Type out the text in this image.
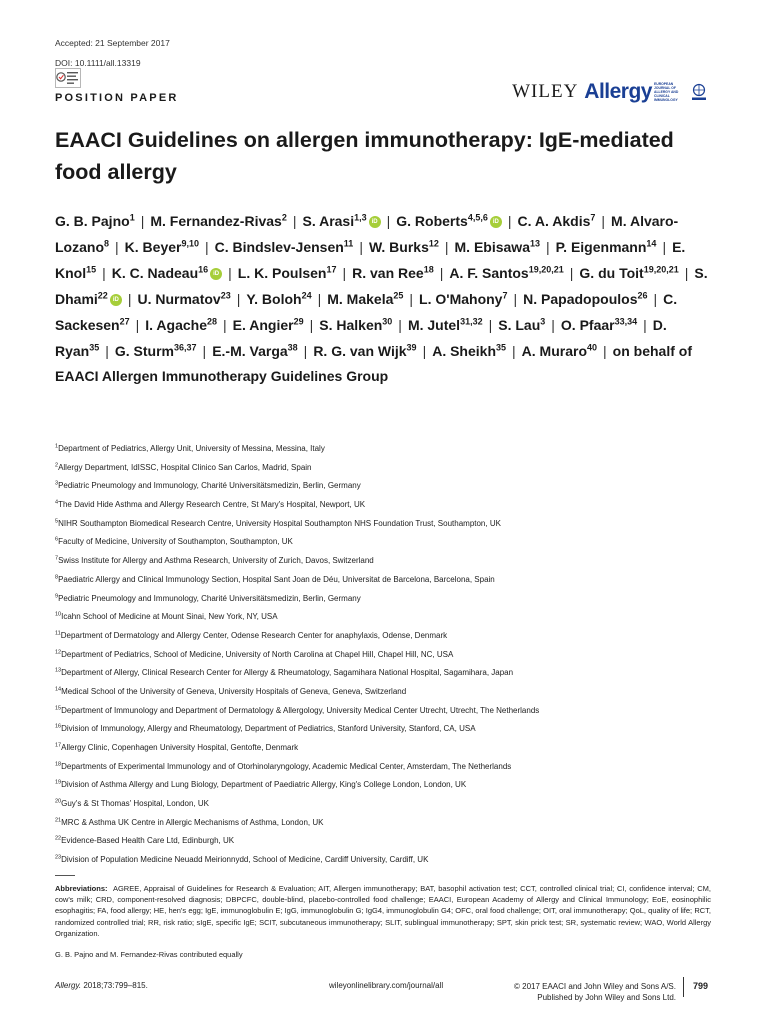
Accepted: 21 September 2017
DOI: 10.1111/all.13319
POSITION PAPER	WILEY Allergy EUROPEAN JOURNAL OF ALLERGY AND CLINICAL IMMUNOLOGY
EAACI Guidelines on allergen immunotherapy: IgE-mediated food allergy
G. B. Pajno$^1$ | M. Fernandez-Rivas$^2$ | S. Arasi$^{1,3}$ iD | G. Roberts$^{4,5,6}$ iD | C. A. Akdis$^7$ | M. Alvaro-Lozano$^8$ | K. Beyer$^{9,10}$ | C. Bindslev-Jensen$^{11}$ | W. Burks$^{12}$ | M. Ebisawa$^{13}$ | P. Eigenmann$^{14}$ | E. Knol$^{15}$ | K. C. Nadeau$^{16}$ iD | L. K. Poulsen$^{17}$ | R. van Ree$^{18}$ | A. F. Santos$^{19,20,21}$ | G. du Toit$^{19,20,21}$ | S. Dhami$^{22}$ iD | U. Nurmatov$^{23}$ | Y. Boloh$^{24}$ | M. Makela$^{25}$ | L. O'Mahony$^7$ | N. Papadopoulos$^{26}$ | C. Sackesen$^{27}$ | I. Agache$^{28}$ | E. Angier$^{29}$ | S. Halken$^{30}$ | M. Jutel$^{31,32}$ | S. Lau$^3$ | O. Pfaar$^{33,34}$ | D. Ryan$^{35}$ | G. Sturm$^{36,37}$ | E.-M. Varga$^{38}$ | R. G. van Wijk$^{39}$ | A. Sheikh$^{35}$ | A. Muraro$^{40}$ | on behalf of EAACI Allergen Immunotherapy Guidelines Group

$^1$Department of Pediatrics, Allergy Unit, University of Messina, Messina, Italy

$^2$Allergy Department, IdISSC, Hospital Clinico San Carlos, Madrid, Spain

$^3$Pediatric Pneumology and Immunology, Charité Universitätsmedizin, Berlin, Germany

$^4$The David Hide Asthma and Allergy Research Centre, St Mary's Hospital, Newport, UK

$^5$NIHR Southampton Biomedical Research Centre, University Hospital Southampton NHS Foundation Trust, Southampton, UK

$^6$Faculty of Medicine, University of Southampton, Southampton, UK

$^7$Swiss Institute for Allergy and Asthma Research, University of Zurich, Davos, Switzerland

$^8$Paediatric Allergy and Clinical Immunology Section, Hospital Sant Joan de Déu, Universitat de Barcelona, Barcelona, Spain

$^9$Pediatric Pneumology and Immunology, Charité Universitätsmedizin, Berlin, Germany

$^{10}$Icahn School of Medicine at Mount Sinai, New York, NY, USA

$^{11}$Department of Dermatology and Allergy Center, Odense Research Center for anaphylaxis, Odense, Denmark

$^{12}$Department of Pediatrics, School of Medicine, University of North Carolina at Chapel Hill, Chapel Hill, NC, USA

$^{13}$Department of Allergy, Clinical Research Center for Allergy & Rheumatology, Sagamihara National Hospital, Sagamihara, Japan

$^{14}$Medical School of the University of Geneva, University Hospitals of Geneva, Geneva, Switzerland

$^{15}$Department of Immunology and Department of Dermatology & Allergology, University Medical Center Utrecht, Utrecht, The Netherlands

$^{16}$Division of Immunology, Allergy and Rheumatology, Department of Pediatrics, Stanford University, Stanford, CA, USA

$^{17}$Allergy Clinic, Copenhagen University Hospital, Gentofte, Denmark

$^{18}$Departments of Experimental Immunology and of Otorhinolaryngology, Academic Medical Center, Amsterdam, The Netherlands

$^{19}$Division of Asthma Allergy and Lung Biology, Department of Paediatric Allergy, King's College London, London, UK

$^{20}$Guy's & St Thomas' Hospital, London, UK

$^{21}$MRC & Asthma UK Centre in Allergic Mechanisms of Asthma, London, UK

$^{22}$Evidence-Based Health Care Ltd, Edinburgh, UK

$^{23}$Division of Population Medicine Neuadd Meirionnydd, School of Medicine, Cardiff University, Cardiff, UK

Abbreviations: AGREE, Appraisal of Guidelines for Research & Evaluation; AIT, Allergen immunotherapy; BAT, basophil activation test; CCT, controlled clinical trial; CI, confidence interval; CM, cow's milk; CRD, component-resolved diagnosis; DBPCFC, double-blind, placebo-controlled food challenge; EAACI, European Academy of Allergy and Clinical Immunology; EoE, eosinophilic esophagitis; FA, food allergy; HE, hen's egg; IgE, immunoglobulin E; IgG, immunoglobulin G; IgG4, immunoglobulin G4; OFC, oral food challenge; OIT, oral immunotherapy; QoL, quality of life; RCT, randomized controlled trial; RR, risk ratio; sIgE, specific IgE; SCIT, subcutaneous immunotherapy; SLIT, sublingual immunotherapy; SPT, skin prick test; SR, systematic review; WAO, World Allergy Organization.

G. B. Pajno and M. Fernandez-Rivas contributed equally
Allergy. 2018;73:799–815.	wileyonlinelibrary.com/journal/all	© 2017 EAACI and John Wiley and Sons A/S.
Published by John Wiley and Sons Ltd.
799
